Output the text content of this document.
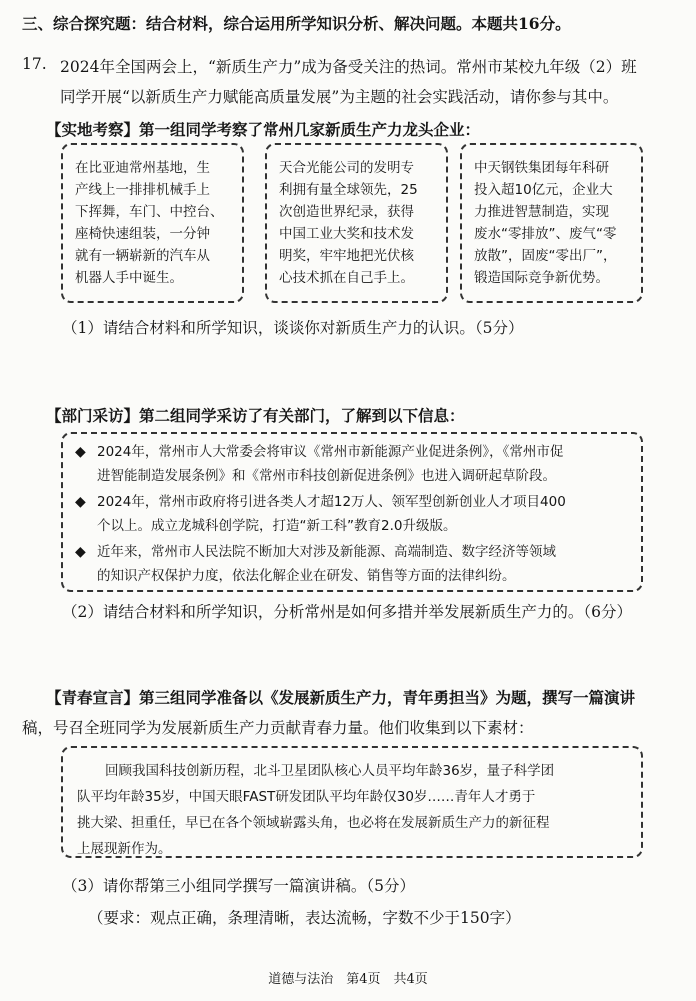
三、综合探究题：结合材料，综合运用所学知识分析、解决问题。本题共16分。
17. 2024年全国两会上，“新质生产力”成为备受关注的热词。常州市某校九年级（2）班
同学开展“以新质生产力赋能高质量发展”为主题的社会实践活动，请你参与其中。
【实地考察】第一组同学考察了常州几家新质生产力龙头企业：

在比亚迪常州基地，生

产线上一排排机械手上

下挥舞，车门、中控台、

座椅快速组装，一分钟

就有一辆崭新的汽车从

机器人手中诞生。

天合光能公司的发明专

利拥有量全球领先，25

次创造世界纪录，获得

中国工业大奖和技术发

明奖，牢牢地把光伏核

心技术抓在自己手上。

中天钢铁集团每年科研

投入超10亿元，企业大

力推进智慧制造，实现

废水“零排放”、废气“零

放散”，固废“零出厂”，

锻造国际竞争新优势。

（1）请结合材料和所学知识，谈谈你对新质生产力的认识。（5分）
【部门采访】第二组同学采访了有关部门，了解到以下信息：
◆ 2024年，常州市人大常委会将审议《常州市新能源产业促进条例》，《常州市促
进智能制造发展条例》和《常州市科技创新促进条例》也进入调研起草阶段。
◆ 2024年，常州市政府将引进各类人才超12万人、领军型创新创业人才项目400
个以上。成立龙城科创学院，打造“新工科”教育2.0升级版。
◆ 近年来，常州市人民法院不断加大对涉及新能源、高端制造、数字经济等领域
的知识产权保护力度，依法化解企业在研发、销售等方面的法律纠纷。
（2）请结合材料和所学知识，分析常州是如何多措并举发展新质生产力的。（6分）
【青春宣言】第三组同学准备以《发展新质生产力，青年勇担当》为题，撰写一篇演讲
稿，号召全班同学为发展新质生产力贡献青春力量。他们收集到以下素材：

回顾我国科技创新历程，北斗卫星团队核心人员平均年龄36岁，量子科学团

队平均年龄35岁，中国天眼FAST研发团队平均年龄仅30岁……青年人才勇于

挑大梁、担重任，早已在各个领域崭露头角，也必将在发展新质生产力的新征程

上展现新作为。

（3）请你帮第三小组同学撰写一篇演讲稿。（5分）
（要求：观点正确，条理清晰，表达流畅，字数不少于150字）
道德与法治　第4页　共4页
